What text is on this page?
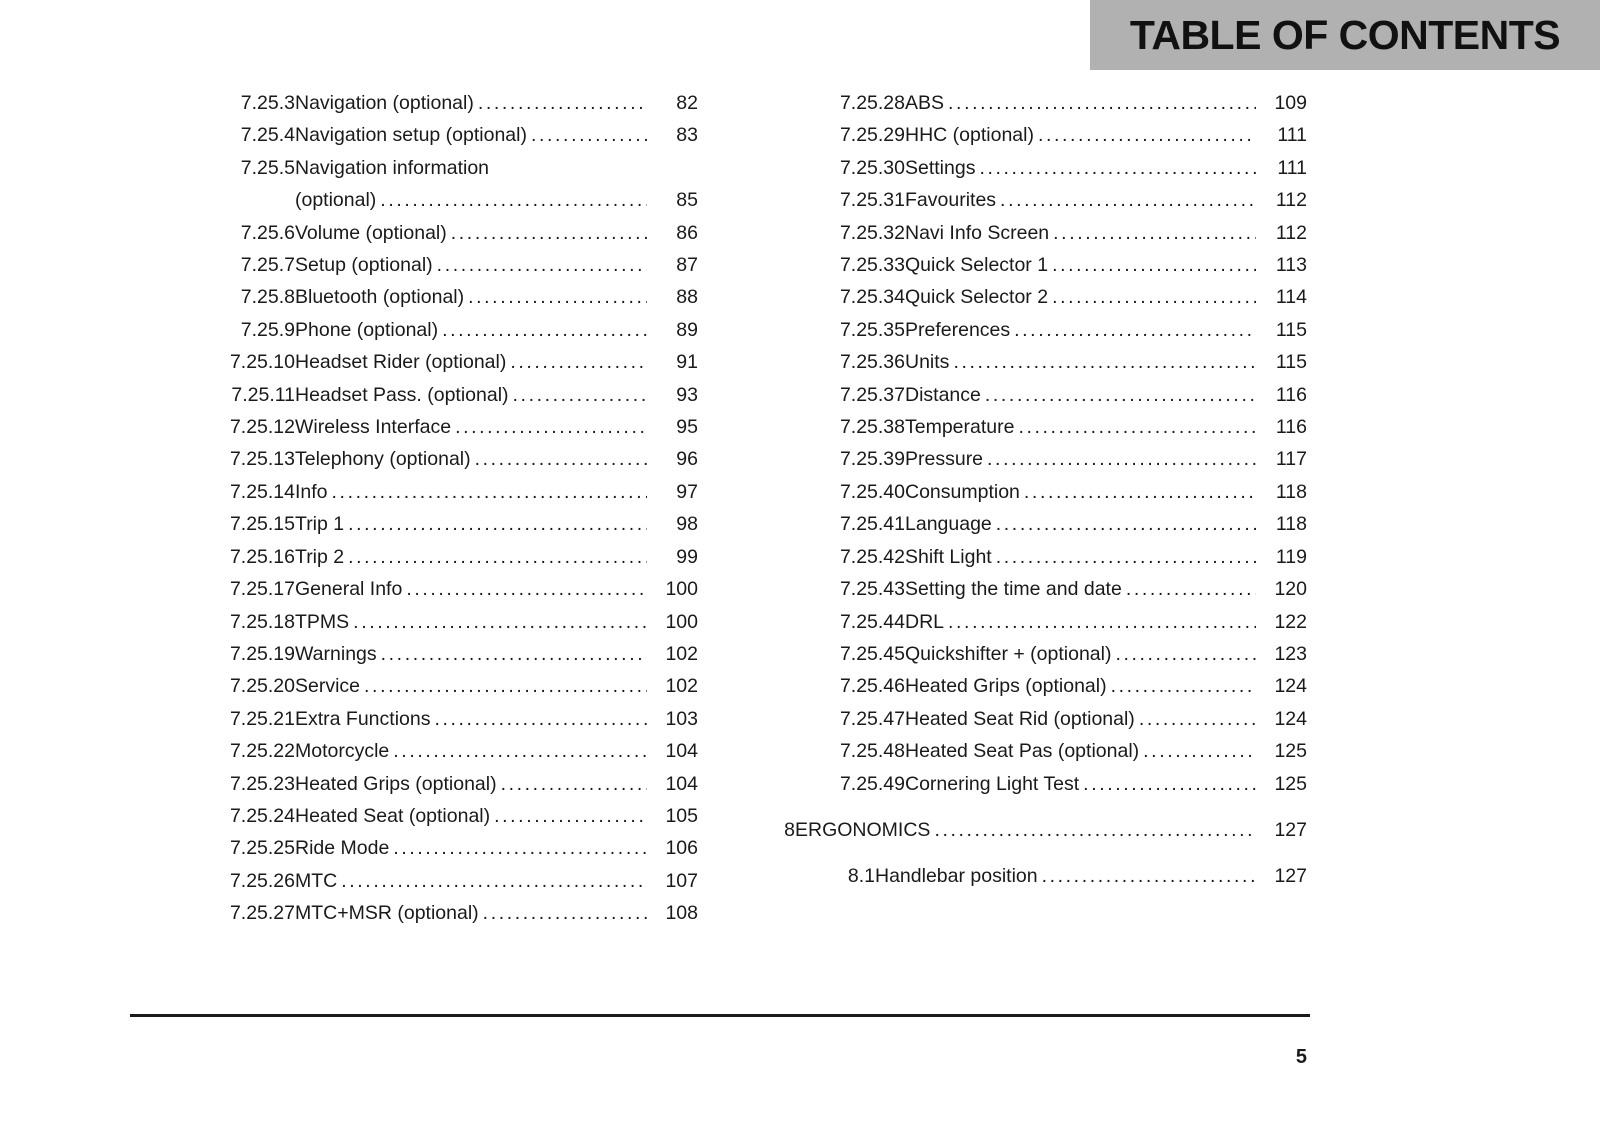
TABLE OF CONTENTS
7.25.3 Navigation (optional) .....	82
7.25.4 Navigation setup (optional) .....	83
7.25.5 Navigation information
(optional) .....	85
7.25.6 Volume (optional) .....	86
7.25.7 Setup (optional) .....	87
7.25.8 Bluetooth (optional) .....	88
7.25.9 Phone (optional) .....	89
7.25.10 Headset Rider (optional) .....	91
7.25.11 Headset Pass. (optional) .....	93
7.25.12 Wireless Interface .....	95
7.25.13 Telephony (optional) .....	96
7.25.14 Info .....	97
7.25.15 Trip 1 .....	98
7.25.16 Trip 2 .....	99
7.25.17 General Info .....	100
7.25.18 TPMS .....	100
7.25.19 Warnings .....	102
7.25.20 Service .....	102
7.25.21 Extra Functions .....	103
7.25.22 Motorcycle .....	104
7.25.23 Heated Grips (optional) .....	104
7.25.24 Heated Seat (optional) .....	105
7.25.25 Ride Mode .....	106
7.25.26 MTC .....	107
7.25.27 MTC+MSR (optional) .....	108
7.25.28 ABS .....	109
7.25.29 HHC (optional) .....	111
7.25.30 Settings .....	111
7.25.31 Favourites .....	112
7.25.32 Navi Info Screen .....	112
7.25.33 Quick Selector 1 .....	113
7.25.34 Quick Selector 2 .....	114
7.25.35 Preferences .....	115
7.25.36 Units .....	115
7.25.37 Distance .....	116
7.25.38 Temperature .....	116
7.25.39 Pressure .....	117
7.25.40 Consumption .....	118
7.25.41 Language .....	118
7.25.42 Shift Light .....	119
7.25.43 Setting the time and date .....	120
7.25.44 DRL .....	122
7.25.45 Quickshifter + (optional) .....	123
7.25.46 Heated Grips (optional) .....	124
7.25.47 Heated Seat Rid (optional) .....	124
7.25.48 Heated Seat Pas (optional) .....	125
7.25.49 Cornering Light Test .....	125
8 ERGONOMICS .....	127
8.1 Handlebar position .....	127
5
